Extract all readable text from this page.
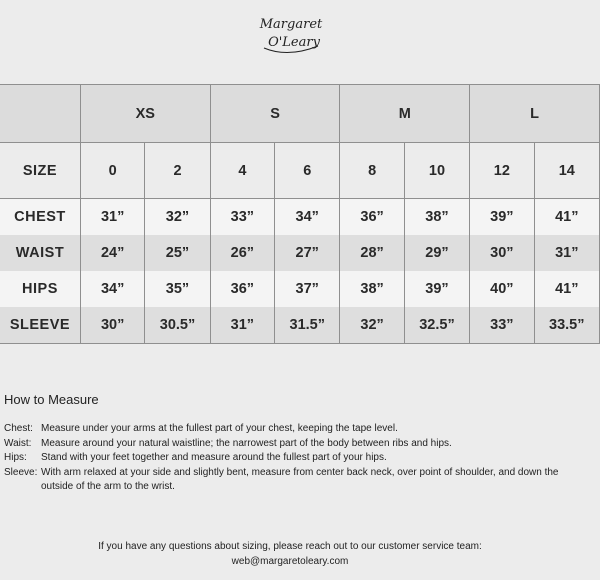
Margaret
O'Leary
	XS		S		M		L	
SIZE	0	2	4	6	8	10	12	14
CHEST	31”	32”	33”	34”	36”	38”	39”	41”
WAIST	24”	25”	26”	27”	28”	29”	30”	31”
HIPS	34”	35”	36”	37”	38”	39”	40”	41”
SLEEVE	30”	30.5”	31”	31.5”	32”	32.5”	33”	33.5”
How to Measure
Chest: Measure under your arms at the fullest part of your chest, keeping the tape level.
Waist: Measure around your natural waistline; the narrowest part of the body between ribs and hips.
Hips:	Stand with your feet together and measure around the fullest part of your hips.
Sleeve: With arm relaxed at your side and slightly bent, measure from center back neck, over point of shoulder, and down the outside of the arm to the wrist.
If you have any questions about sizing, please reach out to our customer service team:
web@margaretoleary.com
